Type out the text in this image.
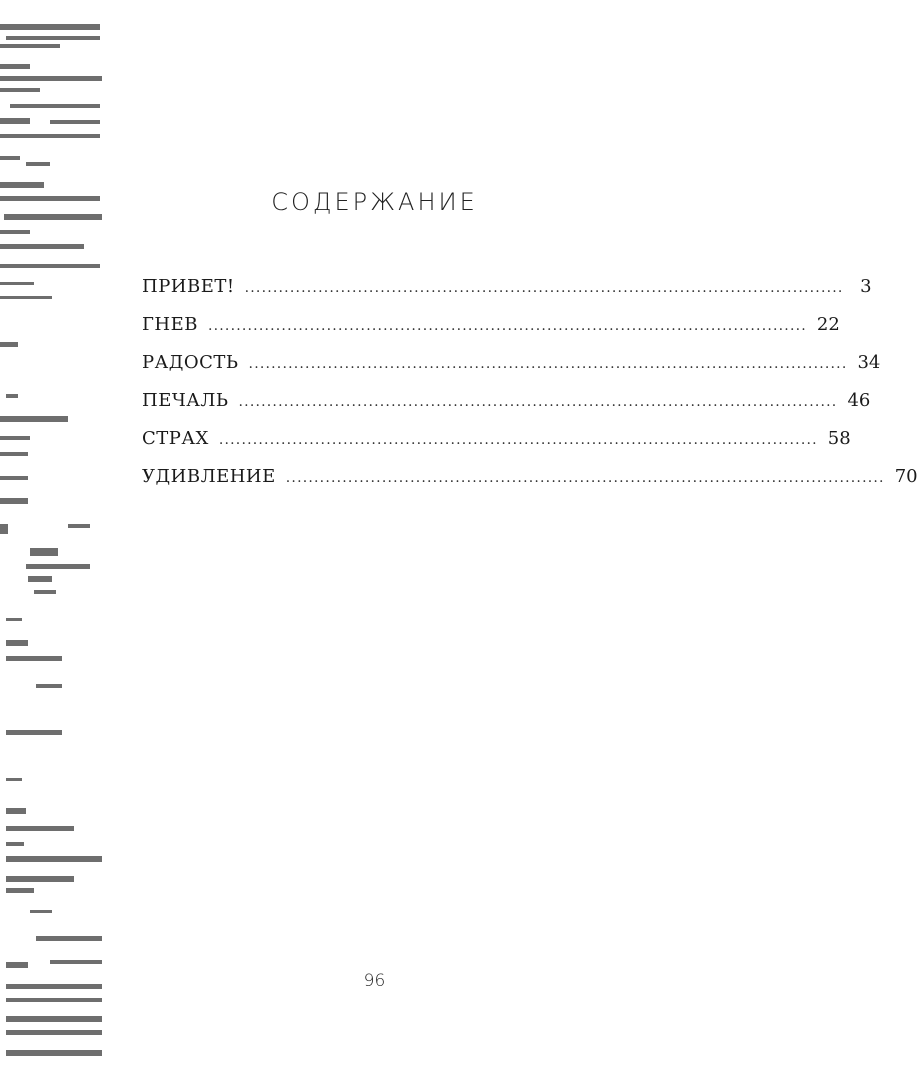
СОДЕРЖАНИЕ
ПРИВЕТ! .......................................................................................................... 3
ГНЕВ .......................................................................................................... 22
РАДОСТЬ .......................................................................................................... 34
ПЕЧАЛЬ .......................................................................................................... 46
СТРАХ .......................................................................................................... 58
УДИВЛЕНИЕ .......................................................................................................... 70
96
